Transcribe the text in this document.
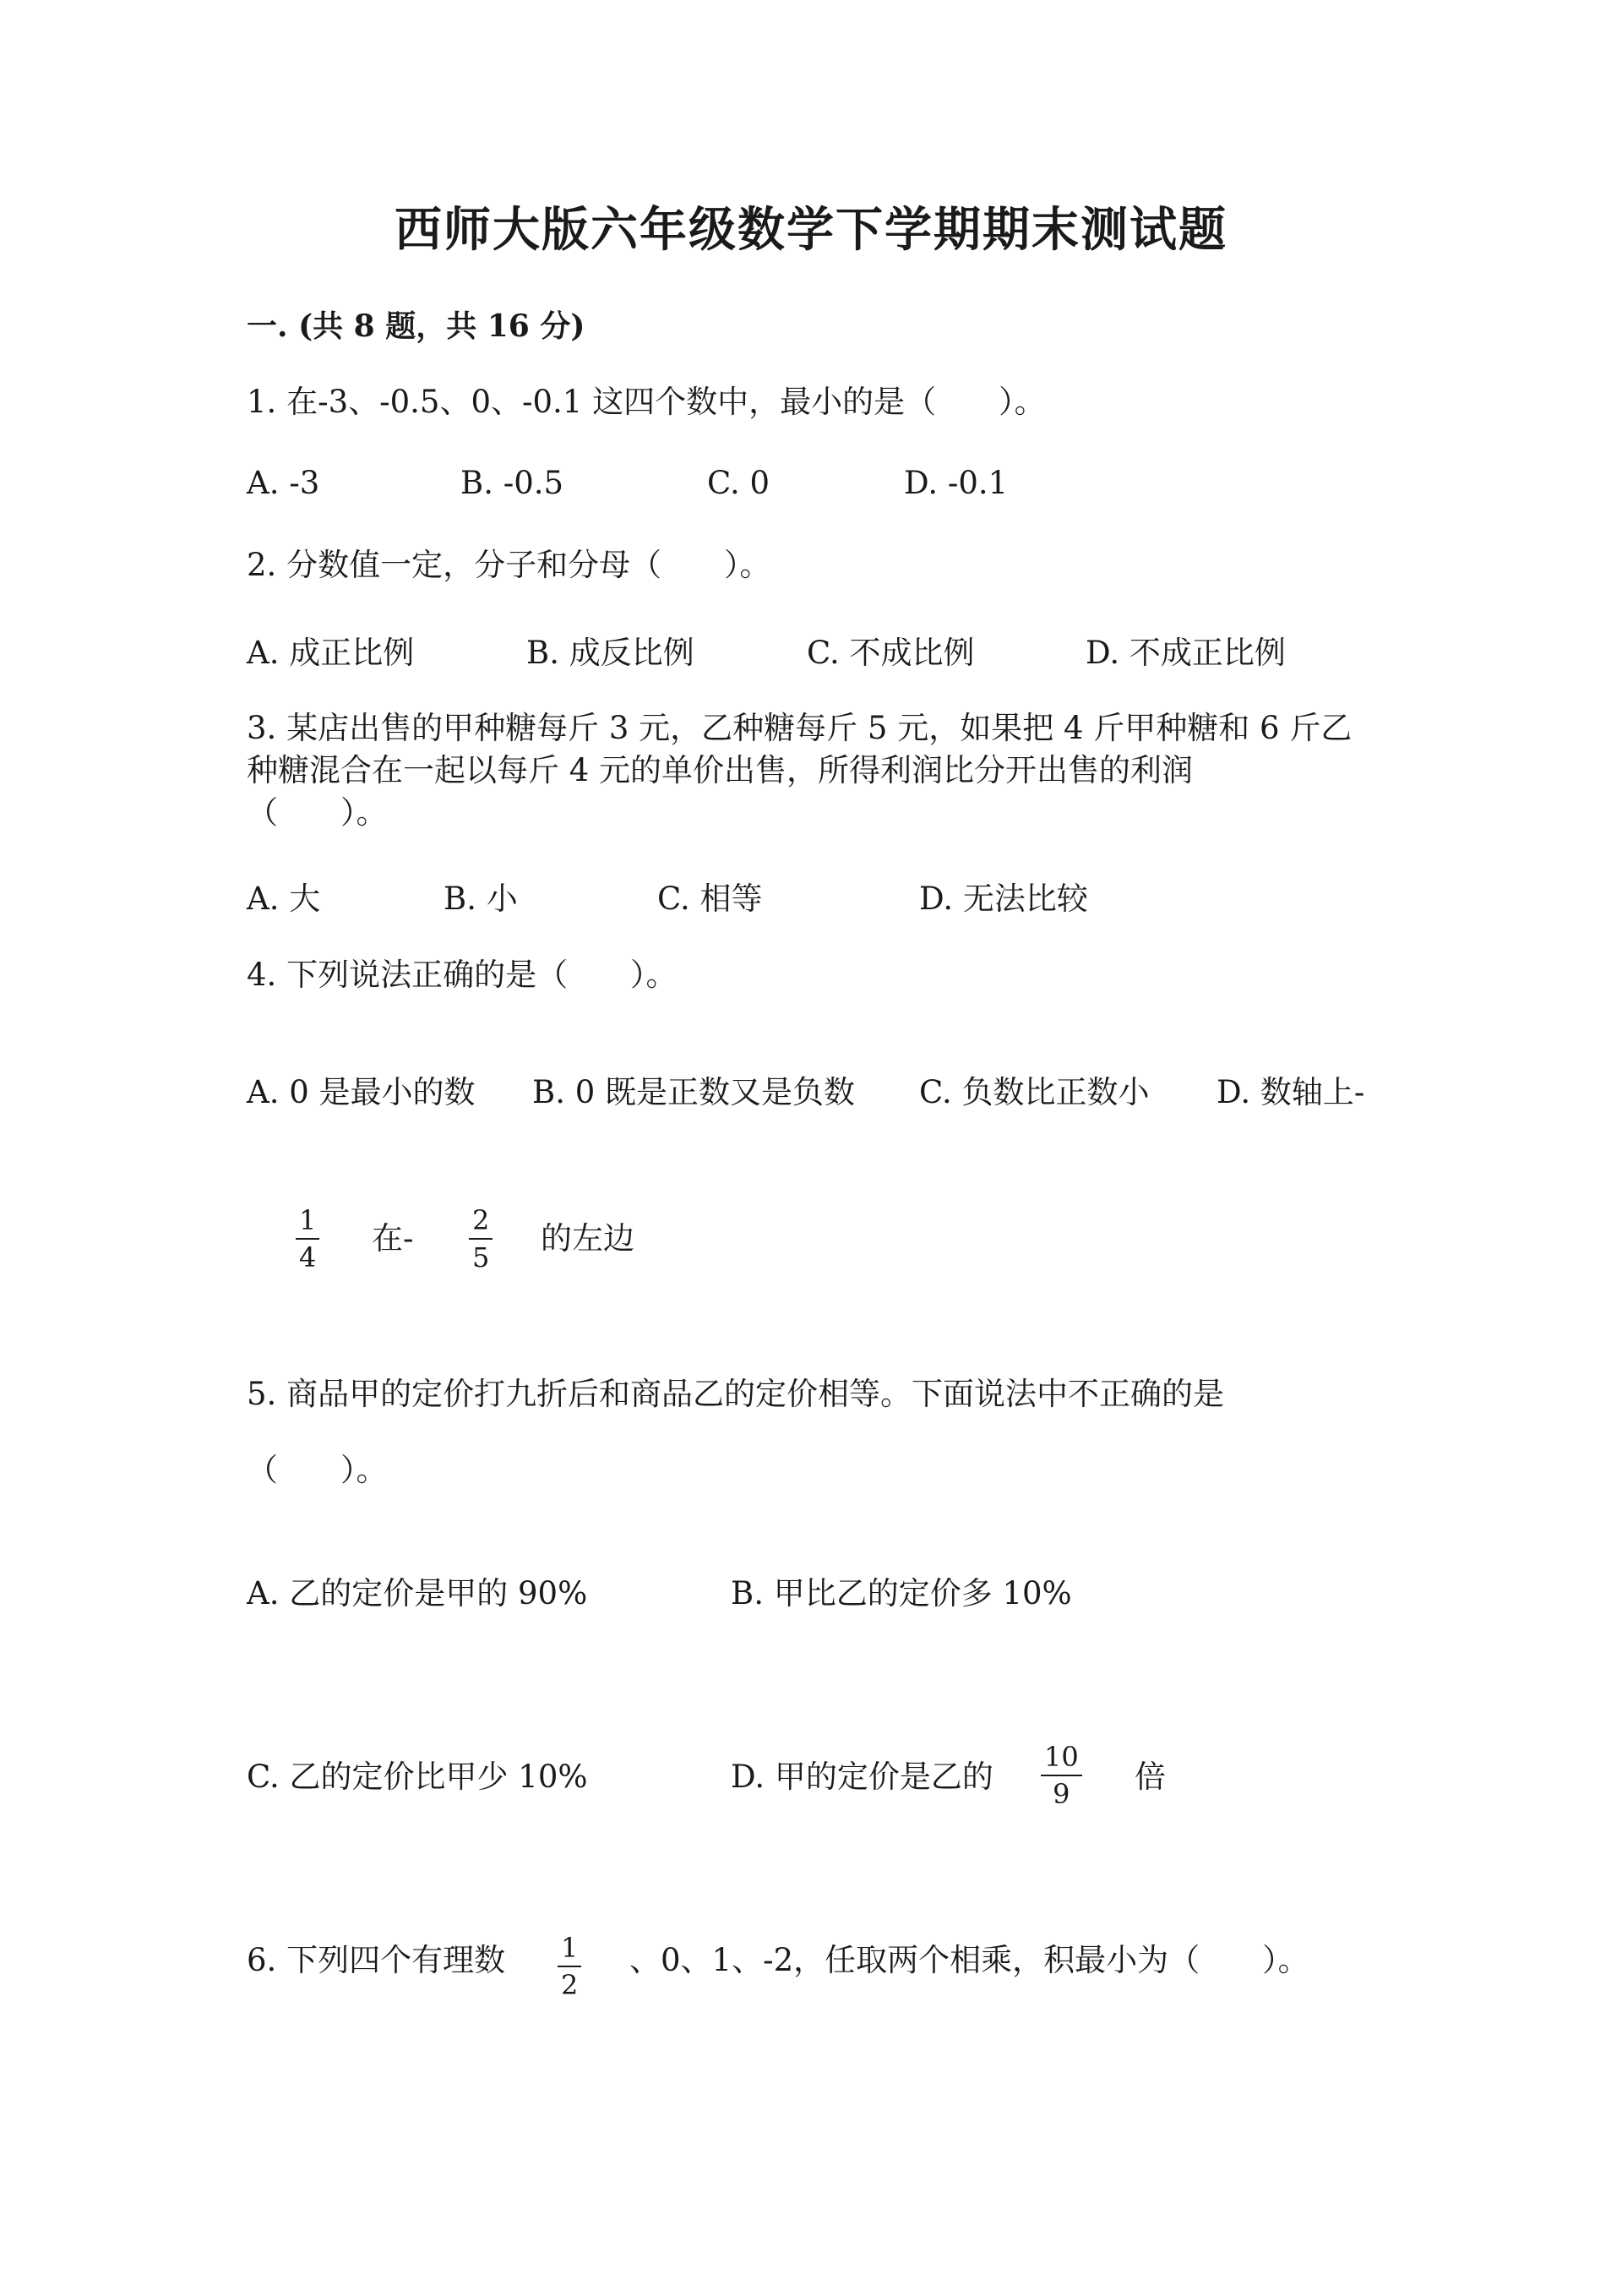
西师大版六年级数学下学期期末测试题
一. (共 8 题，共 16 分)
1. 在-3、-0.5、0、-0.1 这四个数中，最小的是（　　）。
A. -3	B. -0.5	C. 0	D. -0.1
2. 分数值一定，分子和分母（　　）。
A. 成正比例	B. 成反比例	C. 不成比例	D. 不成正比例
3. 某店出售的甲种糖每斤 3 元，乙种糖每斤 5 元，如果把 4 斤甲种糖和 6 斤乙
种糖混合在一起以每斤 4 元的单价出售，所得利润比分开出售的利润
（　　）。
A. 大	B. 小	C. 相等	D. 无法比较
4. 下列说法正确的是（　　）。
A. 0 是最小的数 B. 0 既是正数又是负数 C. 负数比正数小 D. 数轴上-
1
4
在- 2
5
的左边
5. 商品甲的定价打九折后和商品乙的定价相等。下面说法中不正确的是
（　　）。
A. 乙的定价是甲的 90%	B. 甲比乙的定价多 10%
C. 乙的定价比甲少 10%	D. 甲的定价是乙的
10
9 倍
6. 下列四个有理数 1
2
、0、1、-2，任取两个相乘，积最小为（　　）。
